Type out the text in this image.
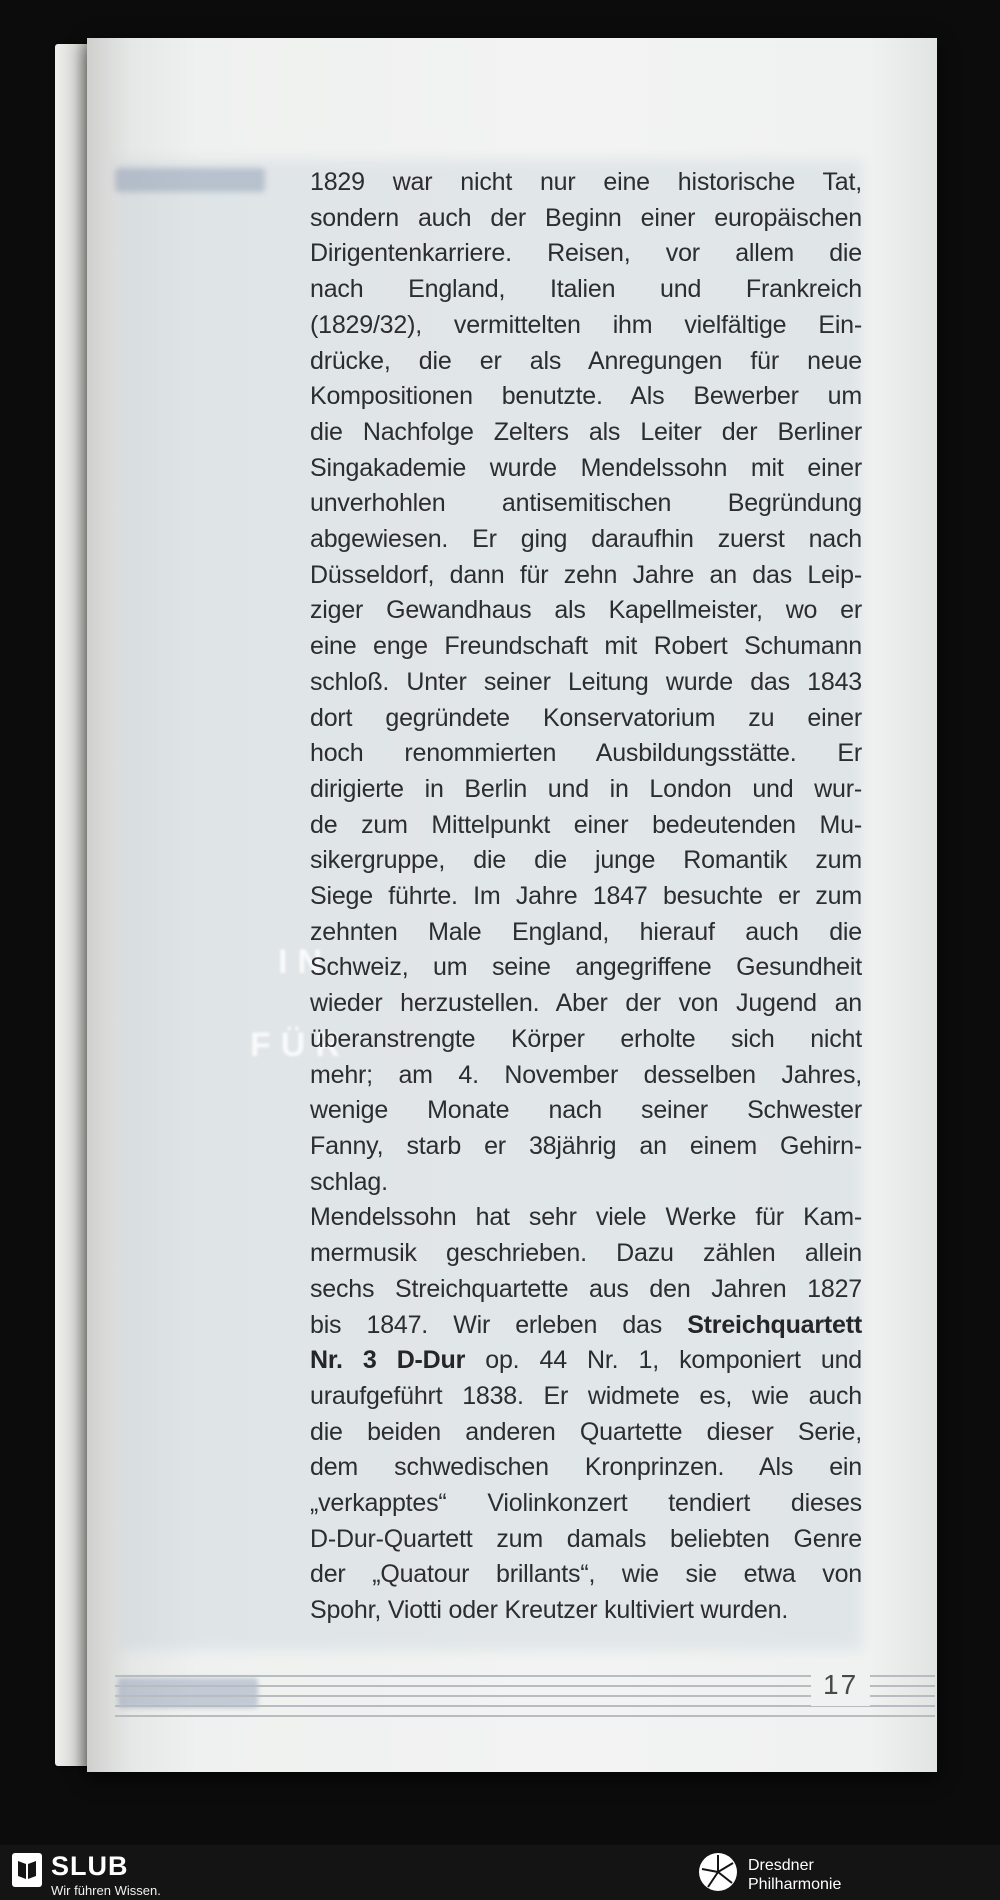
IN
FÜR
1829 war nicht nur eine historische Tat,
sondern auch der Beginn einer europäischen
Dirigentenkarriere. Reisen, vor allem die
nach England, Italien und Frankreich
(1829/32), vermittelten ihm vielfältige Ein-
drücke, die er als Anregungen für neue
Kompositionen benutzte. Als Bewerber um
die Nachfolge Zelters als Leiter der Berliner
Singakademie wurde Mendelssohn mit einer
unverhohlen antisemitischen Begründung
abgewiesen. Er ging daraufhin zuerst nach
Düsseldorf, dann für zehn Jahre an das Leip-
ziger Gewandhaus als Kapellmeister, wo er
eine enge Freundschaft mit Robert Schumann
schloß. Unter seiner Leitung wurde das 1843
dort gegründete Konservatorium zu einer
hoch renommierten Ausbildungsstätte. Er
dirigierte in Berlin und in London und wur-
de zum Mittelpunkt einer bedeutenden Mu-
sikergruppe, die die junge Romantik zum
Siege führte. Im Jahre 1847 besuchte er zum
zehnten Male England, hierauf auch die
Schweiz, um seine angegriffene Gesundheit
wieder herzustellen. Aber der von Jugend an
überanstrengte Körper erholte sich nicht
mehr; am 4. November desselben Jahres,
wenige Monate nach seiner Schwester
Fanny, starb er 38jährig an einem Gehirn-
schlag.
Mendelssohn hat sehr viele Werke für Kam-
mermusik geschrieben. Dazu zählen allein
sechs Streichquartette aus den Jahren 1827
bis 1847. Wir erleben das Streichquartett
Nr. 3 D-Dur op. 44 Nr. 1, komponiert und
uraufgeführt 1838. Er widmete es, wie auch
die beiden anderen Quartette dieser Serie,
dem schwedischen Kronprinzen. Als ein
„verkapptes“ Violinkonzert tendiert dieses
D-Dur-Quartett zum damals beliebten Genre
der „Quatour brillants“, wie sie etwa von
Spohr, Viotti oder Kreutzer kultiviert wurden.
17
SLUB
Wir führen Wissen.
Dresdner
Philharmonie
